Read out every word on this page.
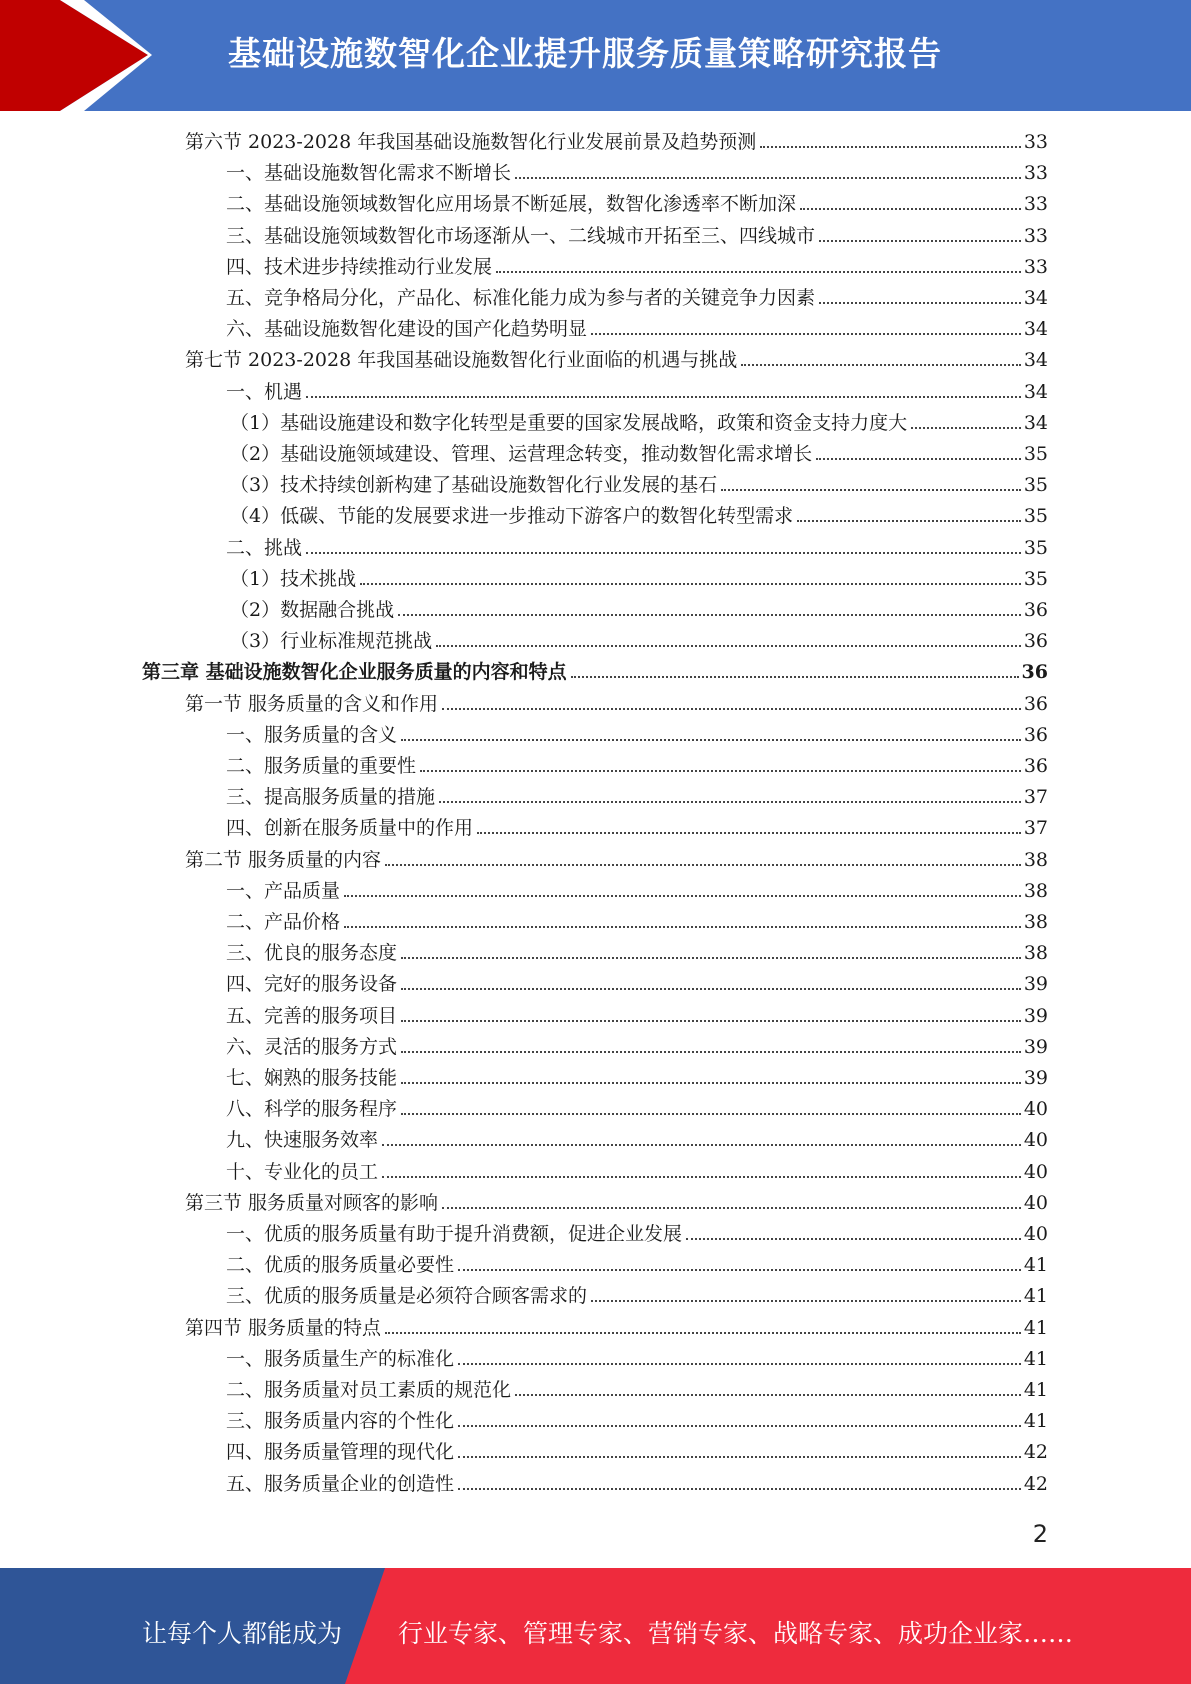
基础设施数智化企业提升服务质量策略研究报告
第六节 2023-2028 年我国基础设施数智化行业发展前景及趋势预测	33
一、基础设施数智化需求不断增长	33
二、基础设施领域数智化应用场景不断延展，数智化渗透率不断加深	33
三、基础设施领域数智化市场逐渐从一、二线城市开拓至三、四线城市	33
四、技术进步持续推动行业发展	33
五、竞争格局分化，产品化、标准化能力成为参与者的关键竞争力因素	34
六、基础设施数智化建设的国产化趋势明显	34
第七节 2023-2028 年我国基础设施数智化行业面临的机遇与挑战	34
一、机遇	34
（1）基础设施建设和数字化转型是重要的国家发展战略，政策和资金支持力度大	34
（2）基础设施领域建设、管理、运营理念转变，推动数智化需求增长	35
（3）技术持续创新构建了基础设施数智化行业发展的基石	35
（4）低碳、节能的发展要求进一步推动下游客户的数智化转型需求	35
二、挑战	35
（1）技术挑战	35
（2）数据融合挑战	36
（3）行业标准规范挑战	36
第三章 基础设施数智化企业服务质量的内容和特点	36
第一节 服务质量的含义和作用	36
一、服务质量的含义	36
二、服务质量的重要性	36
三、提高服务质量的措施	37
四、创新在服务质量中的作用	37
第二节 服务质量的内容	38
一、产品质量	38
二、产品价格	38
三、优良的服务态度	38
四、完好的服务设备	39
五、完善的服务项目	39
六、灵活的服务方式	39
七、娴熟的服务技能	39
八、科学的服务程序	40
九、快速服务效率	40
十、专业化的员工	40
第三节 服务质量对顾客的影响	40
一、优质的服务质量有助于提升消费额，促进企业发展	40
二、优质的服务质量必要性	41
三、优质的服务质量是必须符合顾客需求的	41
第四节 服务质量的特点	41
一、服务质量生产的标准化	41
二、服务质量对员工素质的规范化	41
三、服务质量内容的个性化	41
四、服务质量管理的现代化	42
五、服务质量企业的创造性	42
2
让每个人都能成为 行业专家、管理专家、营销专家、战略专家、成功企业家……
